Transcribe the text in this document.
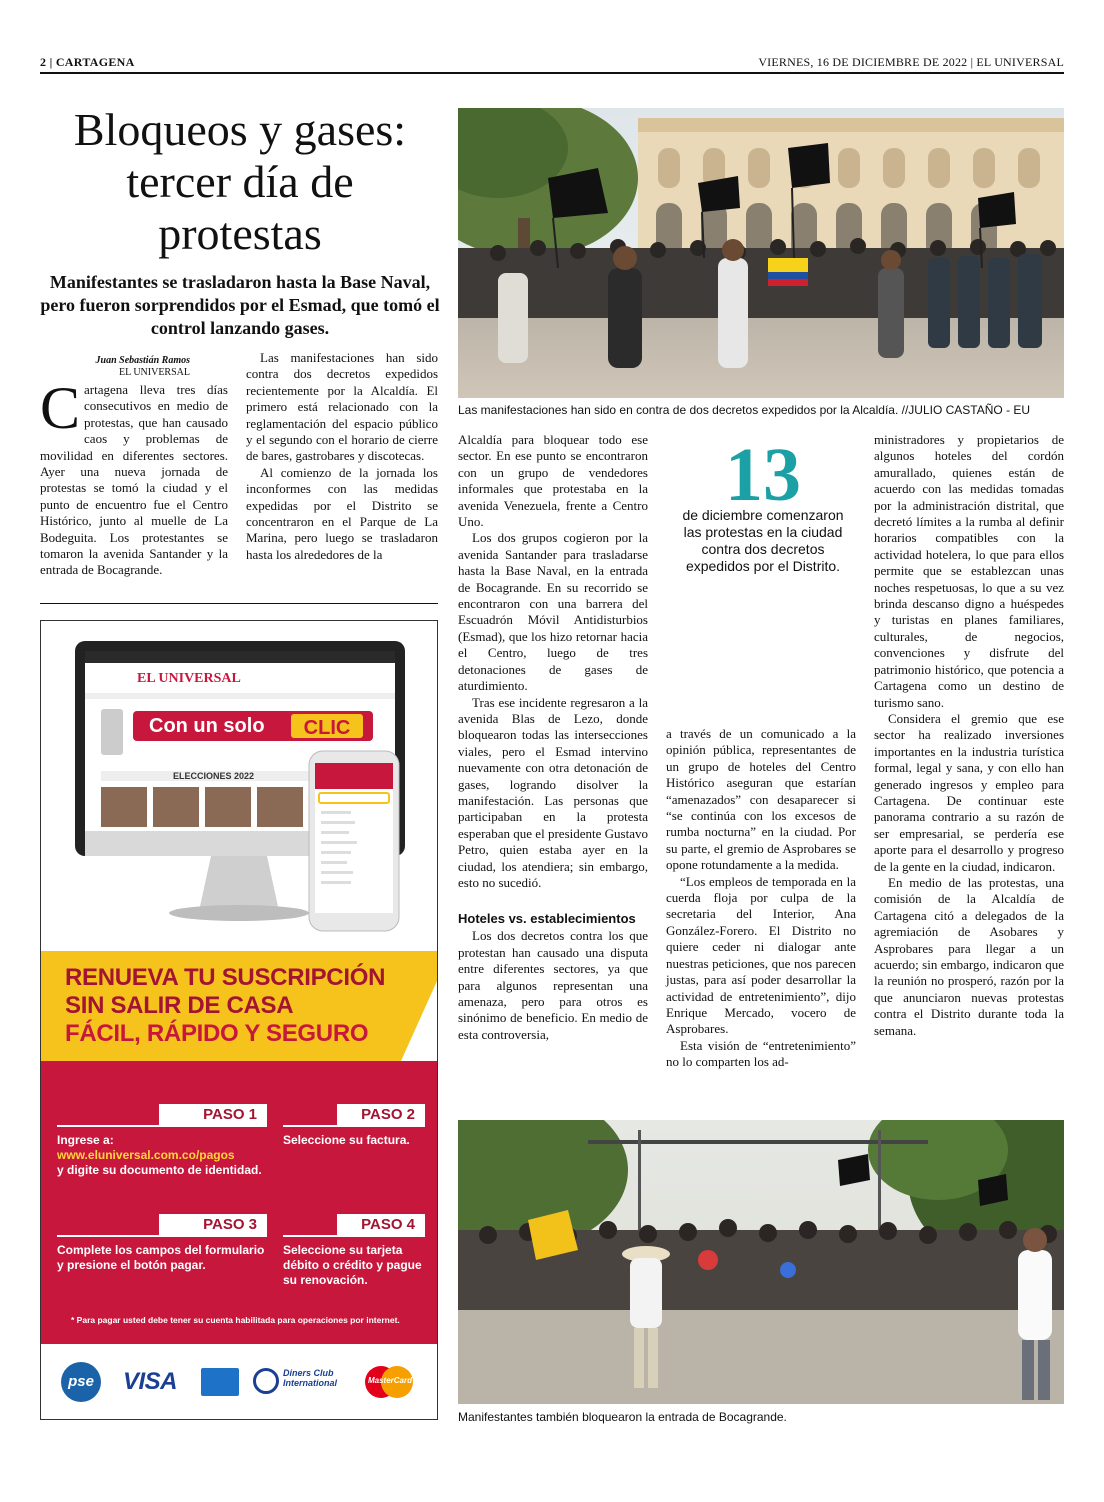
2 | CARTAGENA	VIERNES, 16 DE DICIEMBRE DE 2022 | EL UNIVERSAL
Bloqueos y gases:
tercer día de
protestas
Manifestantes se trasladaron hasta la Base Naval, pero fueron sorprendidos por el Esmad, que tomó el control lanzando gases.
Juan Sebastián Ramos
EL UNIVERSAL

Cartagena lleva tres días consecutivos en medio de protestas, que han causado caos y problemas de movilidad en diferentes sectores. Ayer una nueva jornada de protestas se tomó la ciudad y el punto de encuentro fue el Centro Histórico, junto al muelle de La Bodeguita. Los protestantes se tomaron la avenida Santander y la entrada de Bocagrande.

Las manifestaciones han sido contra dos decretos expedidos recientemente por la Alcaldía. El primero está relacionado con la reglamentación del espacio público y el segundo con el horario de cierre de bares, gastrobares y discotecas.

Al comienzo de la jornada los inconformes con las medidas expedidas por el Distrito se concentraron en el Parque de La Marina, pero luego se trasladaron hasta los alrededores de la

Las manifestaciones han sido en contra de dos decretos expedidos por la Alcaldía. //JULIO CASTAÑO - EU

Alcaldía para bloquear todo ese sector. En ese punto se encontraron con un grupo de vendedores informales que protestaba en la avenida Venezuela, frente a Centro Uno.

Los dos grupos cogieron por la avenida Santander para trasladarse hasta la Base Naval, en la entrada de Bocagrande. En su recorrido se encontraron con una barrera del Escuadrón Móvil Antidisturbios (Esmad), que los hizo retornar hacia el Centro, luego de tres detonaciones de gases de aturdimiento.

Tras ese incidente regresaron a la avenida Blas de Lezo, donde bloquearon todas las intersecciones viales, pero el Esmad intervino nuevamente con otra detonación de gases, logrando disolver la manifestación. Las personas que participaban en la protesta esperaban que el presidente Gustavo Petro, quien estaba ayer en la ciudad, los atendiera; sin embargo, esto no sucedió.

Hoteles vs. establecimientos

Los dos decretos contra los que protestan han causado una disputa entre diferentes sectores, ya que para algunos representan una amenaza, pero para otros es sinónimo de beneficio. En medio de esta controversia,

13
de diciembre comenzaron las protestas en la ciudad contra dos decretos expedidos por el Distrito.

a través de un comunicado a la opinión pública, representantes de un grupo de hoteles del Centro Histórico aseguran que estarían “amenazados” con desaparecer si “se continúa con los excesos de rumba nocturna” en la ciudad. Por su parte, el gremio de Asprobares se opone rotundamente a la medida.

“Los empleos de temporada en la cuerda floja por culpa de la secretaria del Interior, Ana González-Forero. El Distrito no quiere ceder ni dialogar ante nuestras peticiones, que nos parecen justas, para así poder desarrollar la actividad de entretenimiento”, dijo Enrique Mercado, vocero de Asprobares.

Esta visión de “entretenimiento” no lo comparten los ad-

ministradores y propietarios de algunos hoteles del cordón amurallado, quienes están de acuerdo con las medidas tomadas por la administración distrital, que decretó límites a la rumba al definir horarios compatibles con la actividad hotelera, lo que para ellos permite que se establezcan unas noches respetuosas, lo que a su vez brinda descanso digno a huéspedes y turistas en planes familiares, culturales, de negocios, convenciones y disfrute del patrimonio histórico, que potencia a Cartagena como un destino de turismo sano.

Considera el gremio que ese sector ha realizado inversiones importantes en la industria turística formal, legal y sana, y con ello han generado ingresos y empleo para Cartagena. De continuar este panorama contrario a su razón de ser empresarial, se perdería ese aporte para el desarrollo y progreso de la gente en la ciudad, indicaron.

En medio de las protestas, una comisión de la Alcaldía de Cartagena citó a delegados de la agremiación de Asobares y Asprobares para llegar a un acuerdo; sin embargo, indicaron que la reunión no prosperó, razón por la que anunciaron nuevas protestas contra el Distrito durante toda la semana.

Manifestantes también bloquearon la entrada de Bocagrande.
EL UNIVERSAL
Con un solo	CLIC
ELECCIONES 2022
RENUEVA TU SUSCRIPCIÓN
SIN SALIR DE CASA
FÁCIL, RÁPIDO Y SEGURO
PASO 1
Ingrese a:
www.eluniversal.com.co/pagos
y digite su documento de identidad.
PASO 2
Seleccione su factura.
PASO 3
Complete los campos del formulario y presione el botón pagar.
PASO 4
Seleccione su tarjeta débito o crédito y pague su renovación.
* Para pagar usted debe tener su cuenta habilitada para operaciones por internet.
pse VISA	Diners Club
International	MasterCard
